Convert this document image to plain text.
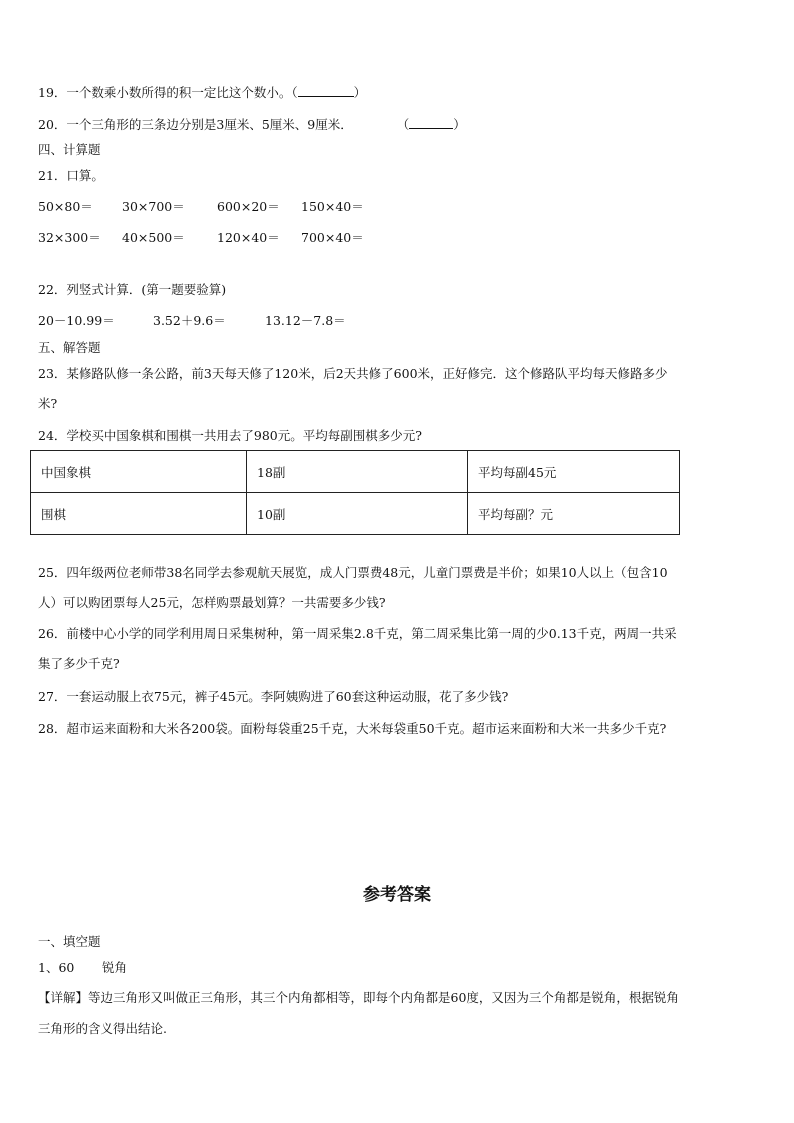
19．一个数乘小数所得的积一定比这个数小。（	）
20．一个三角形的三条边分别是3厘米、5厘米、9厘米．	（	）
四、计算题
21．口算。
50×80＝ 30×700＝	600×20＝ 150×40＝
32×300＝ 40×500＝	120×40＝ 700×40＝
22．列竖式计算．(第一题要验算)
20－10.99＝	3.52＋9.6＝	13.12－7.8＝
五、解答题
23．某修路队修一条公路，前3天每天修了120米，后2天共修了600米，正好修完．这个修路队平均每天修路多少
米?
24．学校买中国象棋和围棋一共用去了980元。平均每副围棋多少元?
中国象棋	18副	平均每副45元
围棋	10副	平均每副？元
25．四年级两位老师带38名同学去参观航天展览，成人门票费48元，儿童门票费是半价；如果10人以上（包含10
人）可以购团票每人25元，怎样购票最划算？一共需要多少钱?
26．前楼中心小学的同学利用周日采集树种，第一周采集2.8千克，第二周采集比第一周的少0.13千克，两周一共采
集了多少千克?
27．一套运动服上衣75元，裤子45元。李阿姨购进了60套这种运动服，花了多少钱?
28．超市运来面粉和大米各200袋。面粉每袋重25千克，大米每袋重50千克。超市运来面粉和大米一共多少千克?
参考答案
一、填空题
1、60 锐角
【详解】等边三角形又叫做正三角形，其三个内角都相等，即每个内角都是60度，又因为三个角都是锐角，根据锐角
三角形的含义得出结论.
